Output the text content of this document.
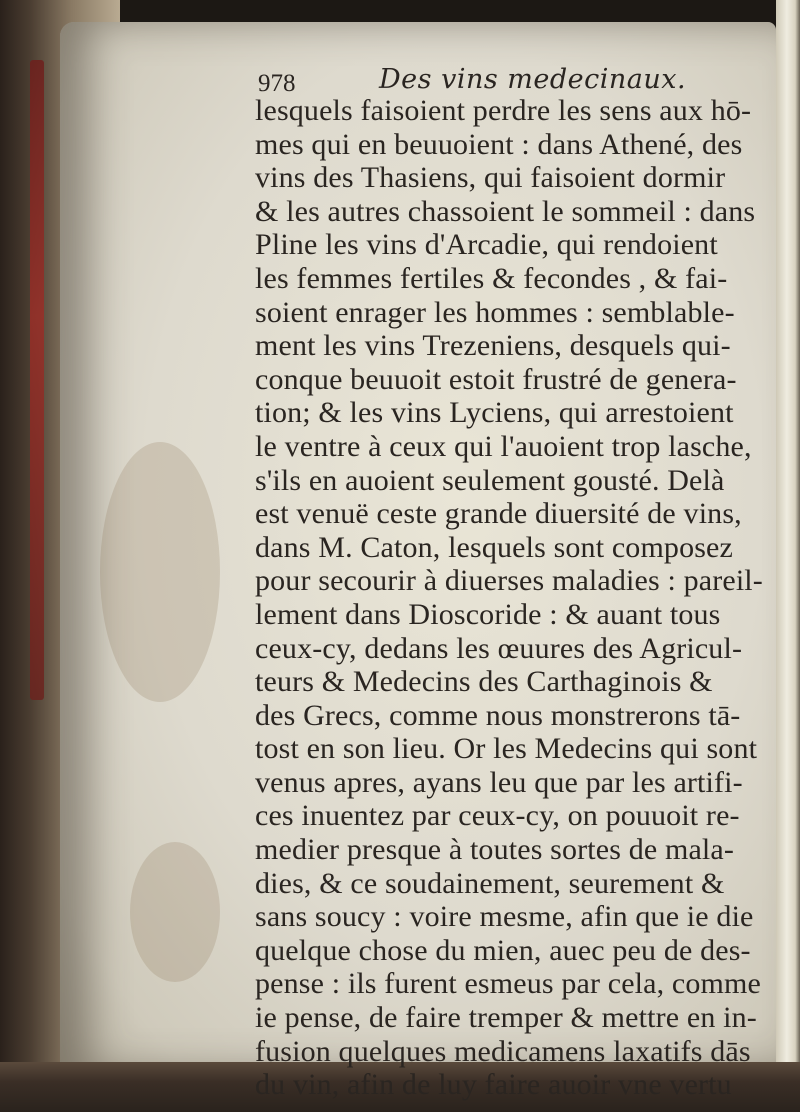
978	Des vins medecinaux.
lesquels faisoient perdre les sens aux hō-
mes qui en beuuoient : dans Athené, des
vins des Thasiens, qui faisoient dormir
& les autres chassoient le sommeil : dans
Pline les vins d'Arcadie, qui rendoient
les femmes fertiles & fecondes , & fai-
soient enrager les hommes : semblable-
ment les vins Trezeniens, desquels qui-
conque beuuoit estoit frustré de genera-
tion; & les vins Lyciens, qui arrestoient
le ventre à ceux qui l'auoient trop lasche,
s'ils en auoient seulement gousté. Delà
est venuë ceste grande diuersité de vins,
dans M. Caton, lesquels sont composez
pour secourir à diuerses maladies : pareil-
lement dans Dioscoride : & auant tous
ceux-cy, dedans les œuures des Agricul-
teurs & Medecins des Carthaginois &
des Grecs, comme nous monstrerons tā-
tost en son lieu. Or les Medecins qui sont
venus apres, ayans leu que par les artifi-
ces inuentez par ceux-cy, on pouuoit re-
medier presque à toutes sortes de mala-
dies, & ce soudainement, seurement &
sans soucy : voire mesme, afin que ie die
quelque chose du mien, auec peu de des-
pense : ils furent esmeus par cela, comme
ie pense, de faire tremper & mettre en in-
fusion quelques medicamens laxatifs dās
du vin, afin de luy faire auoir vne vertu
